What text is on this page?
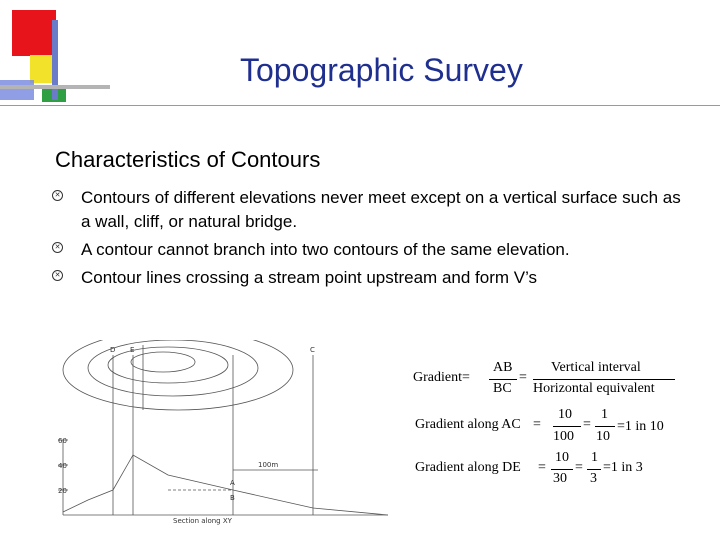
Topographic Survey
Characteristics of Contours
✕ Contours of different elevations never meet except on a vertical surface such as a wall, cliff, or natural bridge.
✕ A contour cannot branch into two contours of the same elevation.
✕ Contour lines crossing a stream point upstream and form V’s
A
B
C
D E
60
40
20
100m
Section along XY
Gradient=
AB
BC
=
Vertical interval
Horizontal equivalent
Gradient along AC =
10
100
=
1
10
=1 in 10
Gradient along DE =
10
30
=
1
3
=1 in 3
